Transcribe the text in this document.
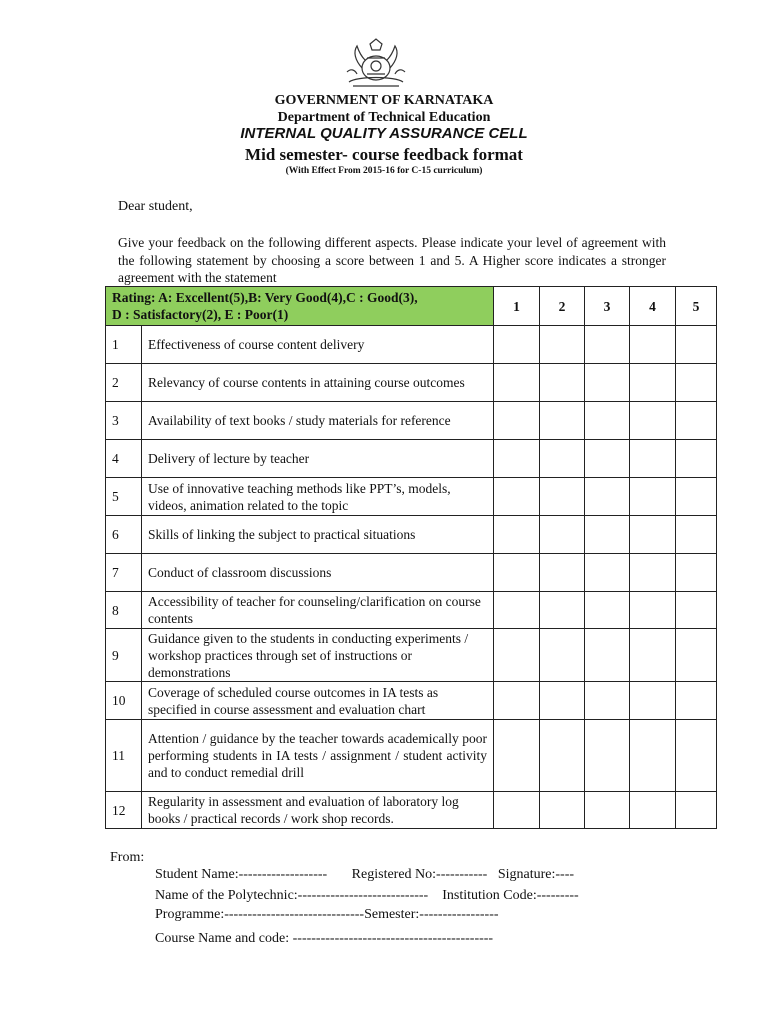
GOVERNMENT OF KARNATAKA
Department of Technical Education
INTERNAL QUALITY ASSURANCE CELL
Mid semester- course feedback format
(With Effect From 2015-16 for C-15 curriculum)
Dear student,
Give your feedback on the following different aspects. Please indicate your level of agreement with the following statement by choosing a score between 1 and 5. A Higher score indicates a stronger agreement with the statement
Rating: A: Excellent(5),B: Very Good(4),C : Good(3),
D : Satisfactory(2), E : Poor(1)		1	2	3	4	5
1	Effectiveness of course content delivery					
2	Relevancy of course contents in attaining course outcomes					
3	Availability of text books / study materials for reference					
4	Delivery of lecture by teacher					
5	Use of innovative teaching methods like PPT’s, models, videos, animation related to the topic					
6	Skills of linking the subject to practical situations					
7	Conduct of classroom discussions					
8	Accessibility of teacher for counseling/clarification on course contents					
9	Guidance given to the students in conducting experiments / workshop practices through set of instructions or demonstrations					
10	Coverage of scheduled course outcomes in IA tests as specified in course assessment and evaluation chart					
11	Attention / guidance by the teacher towards academically poor performing students in IA tests / assignment / student activity and to conduct remedial drill					
12	Regularity in assessment and evaluation of laboratory log books / practical records / work shop records.					
From:
Student Name:-------------------       Registered No:-----------   Signature:----
Name of the Polytechnic:----------------------------    Institution Code:---------
Programme:------------------------------Semester:-----------------
Course Name and code: -------------------------------------------
